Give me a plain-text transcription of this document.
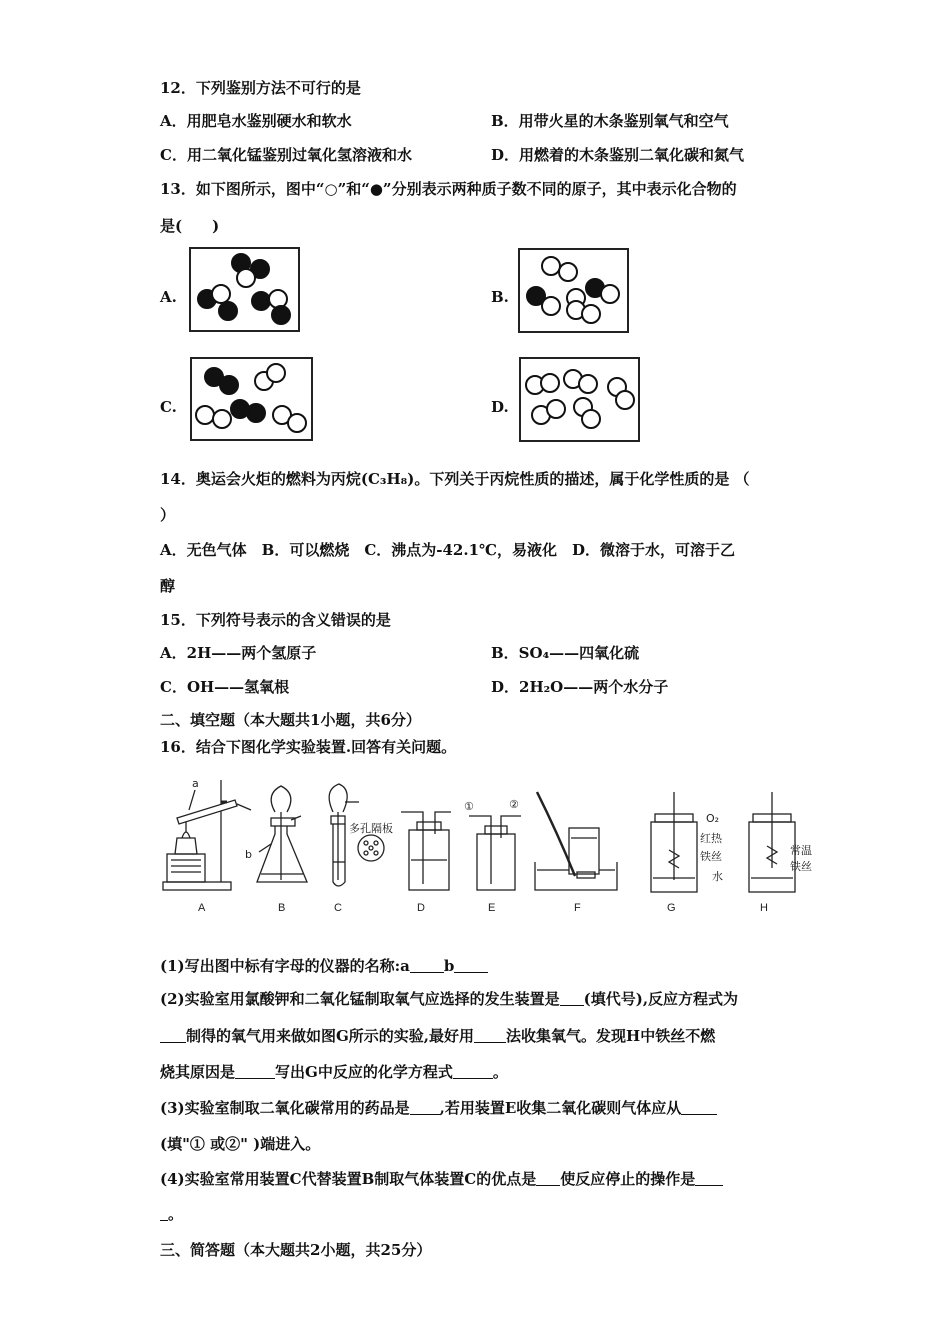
12．下列鉴别方法不可行的是
A．用肥皂水鉴别硬水和软水	B．用带火星的木条鉴别氧气和空气
C．用二氧化锰鉴别过氧化氢溶液和水	D．用燃着的木条鉴别二氧化碳和氮气
13．如下图所示，图中“○”和“●”分别表示两种质子数不同的原子，其中表示化合物的
是(　　)
A.	B.
C.	D.
14．奥运会火炬的燃料为丙烷(C₃H₈)。下列关于丙烷性质的描述，属于化学性质的是 （
）
A．无色气体　B．可以燃烧　C．沸点为-42.1℃，易液化　D．微溶于水，可溶于乙
醇
15．下列符号表示的含义错误的是
A．2H——两个氢原子	B．SO₄——四氧化硫
C．OH——氢氧根	D．2H₂O——两个水分子
二、填空题（本大题共1小题，共6分）
16．结合下图化学实验装置.回答有关问题。
a
b
多孔隔板
①	②
O₂
红热
铁丝
水
常温
铁丝
A	B	C	D	E	F	G	H
(1)写出图中标有字母的仪器的名称:a b
(2)实验室用氯酸钾和二氧化锰制取氧气应选择的发生装置是 (填代号),反应方程式为
制得的氧气用来做如图G所示的实验,最好用 法收集氧气。发现H中铁丝不燃
烧其原因是	写出G中反应的化学方程式	。
(3)实验室制取二氧化碳常用的药品是 ,若用装置E收集二氧化碳则气体应从
(填"① 或②" )端进入。
(4)实验室常用装置C代替装置B制取气体装置C的优点是 使反应停止的操作是
。
三、简答题（本大题共2小题，共25分）
